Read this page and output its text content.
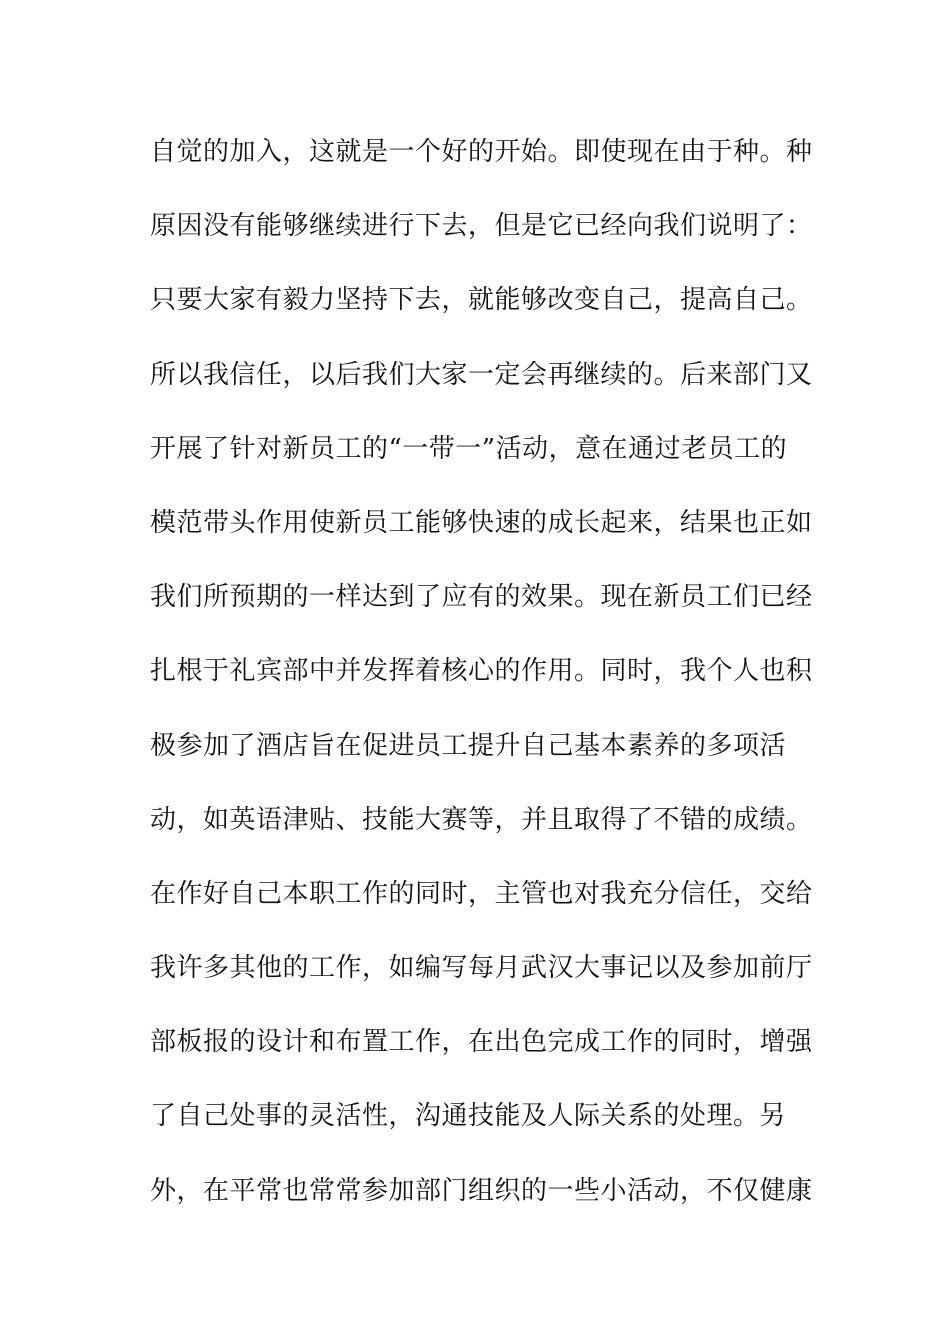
自觉的加入，这就是一个好的开始。即使现在由于种。种
原因没有能够继续进行下去，但是它已经向我们说明了：
只要大家有毅力坚持下去，就能够改变自己，提高自己。
所以我信任，以后我们大家一定会再继续的。后来部门又
开展了针对新员工的“一带一”活动，意在通过老员工的
模范带头作用使新员工能够快速的成长起来，结果也正如
我们所预期的一样达到了应有的效果。现在新员工们已经
扎根于礼宾部中并发挥着核心的作用。同时，我个人也积
极参加了酒店旨在促进员工提升自己基本素养的多项活
动，如英语津贴、技能大赛等，并且取得了不错的成绩。
在作好自己本职工作的同时，主管也对我充分信任，交给
我许多其他的工作，如编写每月武汉大事记以及参加前厅
部板报的设计和布置工作，在出色完成工作的同时，增强
了自己处事的灵活性，沟通技能及人际关系的处理。另
外，在平常也常常参加部门组织的一些小活动，不仅健康
